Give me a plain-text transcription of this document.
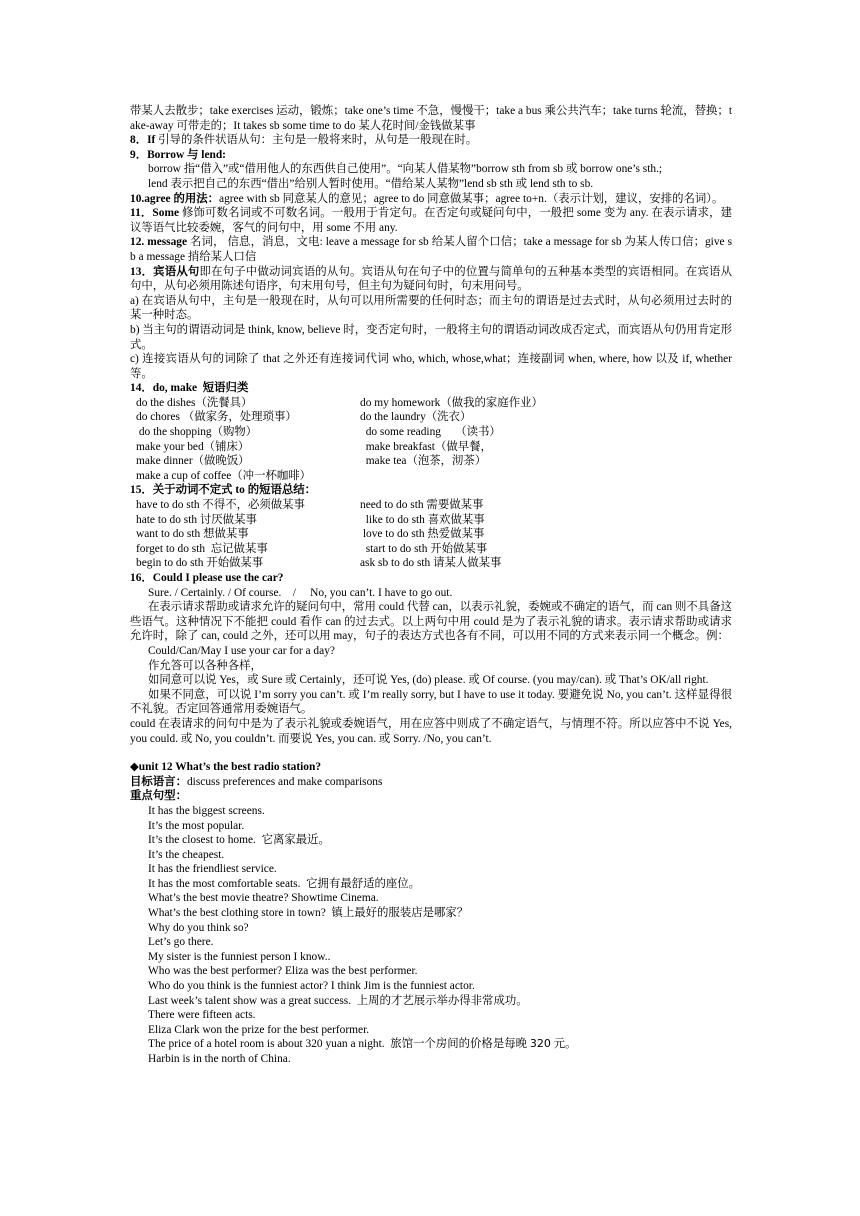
带某人去散步；take exercises 运动，锻炼；take one’s time 不急，慢慢干；take a bus 乘公共汽车；take turns 轮流，替换；take-away 可带走的；It takes sb some time to do 某人花时间/金钱做某事
8．If 引导的条件状语从句：主句是一般将来时，从句是一般现在时。
9．Borrow 与 lend:
borrow 指“借入”或“借用他人的东西供自己使用”。“向某人借某物”borrow sth from sb 或 borrow one’s sth.;
lend 表示把自己的东西“借出”给别人暂时使用。“借给某人某物”lend sb sth 或 lend sth to sb.
10.agree 的用法：agree with sb 同意某人的意见；agree to do 同意做某事；agree to+n.（表示计划，建议，安排的名词）。
11．Some 修饰可数名词或不可数名词。一般用于肯定句。在否定句或疑问句中，一般把 some 变为 any. 在表示请求，建议等语气比较委婉，客气的问句中，用 some 不用 any.
12. message 名词， 信息，消息，文电: leave a message for sb 给某人留个口信；take a message for sb 为某人传口信；give sb a message 捎给某人口信
13．宾语从句即在句子中做动词宾语的从句。宾语从句在句子中的位置与简单句的五种基本类型的宾语相同。在宾语从句中，从句必须用陈述句语序，句末用句号，但主句为疑问句时，句末用问号。
a) 在宾语从句中，主句是一般现在时，从句可以用所需要的任何时态；而主句的谓语是过去式时，从句必须用过去时的某一种时态。
b) 当主句的谓语动词是 think, know, believe 时，变否定句时，一般将主句的谓语动词改成否定式，而宾语从句仍用肯定形式。
c) 连接宾语从句的词除了 that 之外还有连接词代词 who, which, whose,what；连接副词 when, where, how 以及 if, whether 等。
14．do, make  短语归类
do the dishes（洗餐具）	do my homework（做我的家庭作业）
do chores （做家务，处理琐事）	do the laundry（洗衣）
do the shopping（购物）	do some reading     （读书）
make your bed（铺床）	make breakfast（做早餐，
make dinner（做晚饭）	make tea（泡茶，沏茶）
make a cup of coffee（冲一杯咖啡）
15．关于动词不定式 to 的短语总结：
have to do sth 不得不，必须做某事	need to do sth 需要做某事
hate to do sth 讨厌做某事	like to do sth 喜欢做某事
want to do sth 想做某事	love to do sth 热爱做某事
forget to do sth  忘记做某事	start to do sth 开始做某事
begin to do sth 开始做某事	ask sb to do sth 请某人做某事
16．Could I please use the car?
Sure. / Certainly. / Of course.    /     No, you can’t. I have to go out.
在表示请求帮助或请求允许的疑问句中，常用 could 代替 can，以表示礼貌，委婉或不确定的语气，而 can 则不具备这些语气。这种情况下不能把 could 看作 can 的过去式。以上两句中用 could 是为了表示礼貌的请求。表示请求帮助或请求允许时，除了 can, could 之外，还可以用 may，句子的表达方式也各有不同，可以用不同的方式来表示同一个概念。例：
Could/Can/May I use your car for a day?
作允答可以各种各样，
如同意可以说 Yes，或 Sure 或 Certainly，还可说 Yes, (do) please. 或 Of course. (you may/can). 或 That’s OK/all right.
如果不同意，可以说 I’m sorry you can’t. 或 I’m really sorry, but I have to use it today. 要避免说 No, you can’t. 这样显得很不礼貌。否定回答通常用委婉语气。
could 在表请求的问句中是为了表示礼貌或委婉语气，用在应答中则成了不确定语气，与情理不符。所以应答中不说 Yes, you could. 或 No, you couldn’t. 而要说 Yes, you can. 或 Sorry. /No, you can’t.
◆unit 12 What’s the best radio station?
目标语言：discuss preferences and make comparisons
重点句型：
It has the biggest screens.
It’s the most popular.
It’s the closest to home.  它离家最近。
It’s the cheapest.
It has the friendliest service.
It has the most comfortable seats.  它拥有最舒适的座位。
What’s the best movie theatre? Showtime Cinema.
What’s the best clothing store in town?  镇上最好的服装店是哪家？
Why do you think so?
Let’s go there.
My sister is the funniest person I know..
Who was the best performer? Eliza was the best performer.
Who do you think is the funniest actor? I think Jim is the funniest actor.
Last week’s talent show was a great success.  上周的才艺展示举办得非常成功。
There were fifteen acts.
Eliza Clark won the prize for the best performer.
The price of a hotel room is about 320 yuan a night.  旅馆一个房间的价格是每晚 320 元。
Harbin is in the north of China.
